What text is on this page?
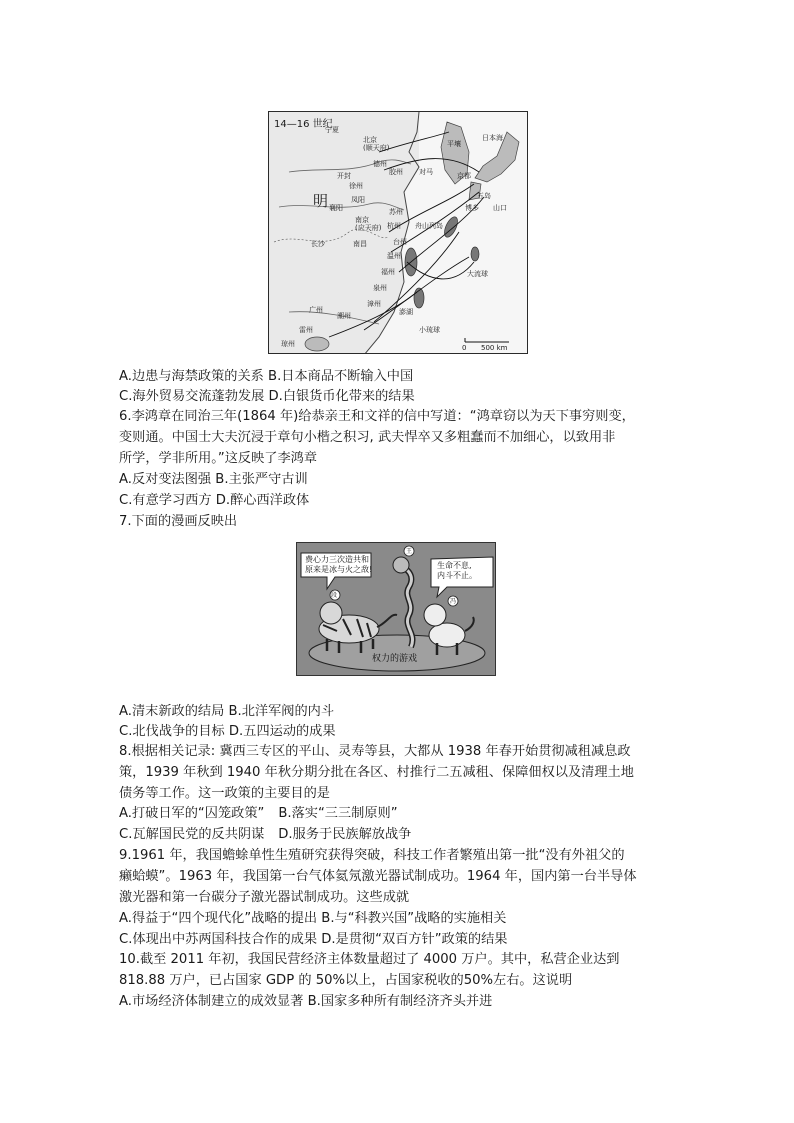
14—16 世纪
明
北京
(顺天府)
宁夏
平壤
日本海
德州
胶州 对马	京都
五岛
博多 山口
徐州
开封
凤阳
南京
(应天府)
苏州
杭州 舟山列岛
长沙	南昌
襄阳
台州
温州
福州
泉州
漳州
澎湖
广州
潮州
雷州
琼州
大流球
小琉球
0 500 km
A.边患与海禁政策的关系 B.日本商品不断输入中国
C.海外贸易交流蓬勃发展 D.白银货币化带来的结果
6.李鸿章在同治三年(1864 年)给恭亲王和文祥的信中写道：“鸿章窃以为天下事穷则变，
变则通。中国士大夫沉浸于章句小楷之积习, 武夫悍卒又多粗蠢而不加细心，以致用非
所学，学非所用。”这反映了李鸿章
A.反对变法图强 B.主张严守古训
C.有意学习西方 D.醉心西洋政体
7.下面的漫画反映出
费心力三次造共和
原来是冰与火之敌!	生命不息,
内斗不止。
段
王
冯
权力的游戏
A.清末新政的结局 B.北洋军阀的内斗
C.北伐战争的目标 D.五四运动的成果
8.根据相关记录: 冀西三专区的平山、灵寿等县，大都从 1938 年春开始贯彻减租减息政
策，1939 年秋到 1940 年秋分期分批在各区、村推行二五减租、保障佃权以及清理土地
债务等工作。这一政策的主要目的是
A.打破日军的“囚笼政策” B.落实“三三制原则”
C.瓦解国民党的反共阴谋 D.服务于民族解放战争
9.1961 年，我国蟾蜍单性生殖研究获得突破，科技工作者繁殖出第一批“没有外祖父的
癞蛤蟆”。1963 年，我国第一台气体氦氖激光器试制成功。1964 年，国内第一台半导体
激光器和第一台碳分子激光器试制成功。这些成就
A.得益于“四个现代化”战略的提出 B.与“科教兴国”战略的实施相关
C.体现出中苏两国科技合作的成果 D.是贯彻“双百方针”政策的结果
10.截至 2011 年初，我国民营经济主体数量超过了 4000 万户。其中，私营企业达到
818.88 万户，已占国家 GDP 的 50%以上，占国家税收的50%左右。这说明
A.市场经济体制建立的成效显著 B.国家多种所有制经济齐头并进
